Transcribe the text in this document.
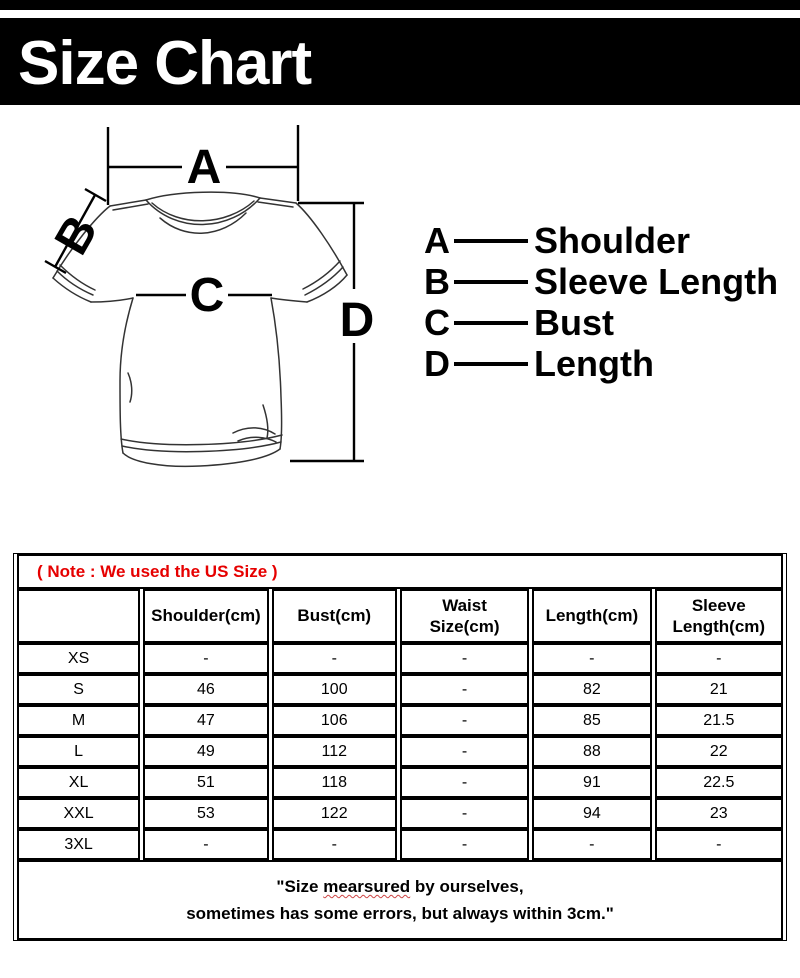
Size Chart
A
B
C D
A Shoulder
B Sleeve Length
C Bust
D Length
( Note : We used the US Size )					
	Shoulder(cm)	Bust(cm)	Waist Size(cm)	Length(cm)	Sleeve Length(cm)
XS	-	-	-	-	-
S	46	100	-	82	21
M	47	106	-	85	21.5
L	49	112	-	88	22
XL	51	118	-	91	22.5
XXL	53	122	-	94	23
3XL	-	-	-	-	-

"Size mearsured by ourselves,
sometimes has some errors, but always within 3cm."					
